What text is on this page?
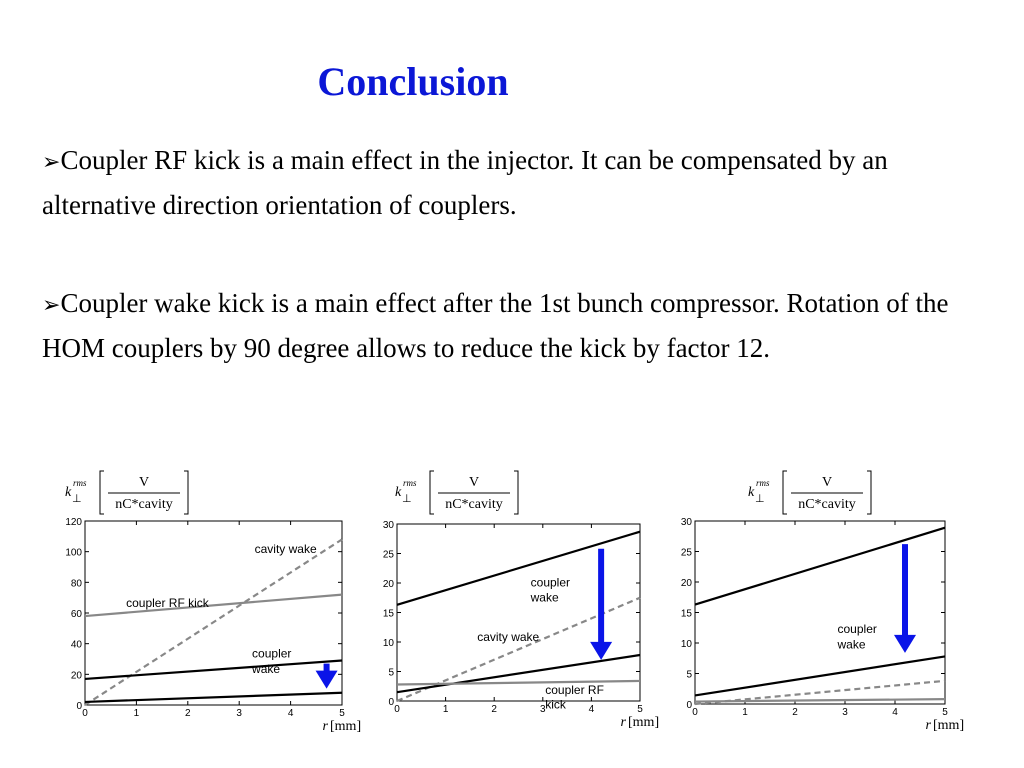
Conclusion
➢Coupler RF kick is a main effect in the injector. It can be compensated by an alternative direction orientation of couplers.
➢Coupler wake kick is a main effect after the 1st bunch compressor. Rotation of the HOM couplers by 90 degree allows to reduce the kick by factor 12.
k
rms
⊥
V
nC*cavity
0	1	2	3	4	5
0
20
40
60
80
100
120
cavity wake
coupler RF kick
coupler
wake
r [mm]
k
rms
⊥
V
nC*cavity
0	1	2	3	4	5
0
5
10
15
20
25
30
coupler
wake
cavity wake
coupler RF
kick
r [mm]
k
rms
⊥
V
nC*cavity
0	1	2	3	4	5
0
5
10
15
20
25
30
coupler
wake
r [mm]
